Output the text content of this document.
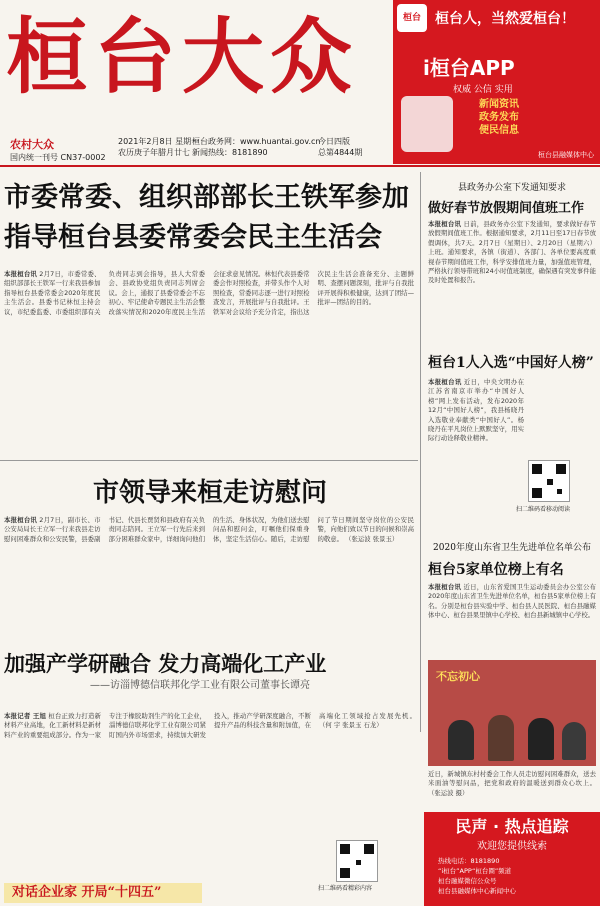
桓台大众
农村大众
国内统一刊号 CN37-0002
2021年2月8日 星期一
农历庚子年腊月廿七
桓台政务网：www.huantai.gov.cn
新闻热线：8181890
今日四版
总第4844期
桓台	桓台人，当然爱桓台！
i桓台APP
权威 公信 实用
新闻资讯
政务发布
便民信息
桓台县融媒体中心
市委常委、组织部部长王铁军参加
指导桓台县委常委会民主生活会
本报桓台讯 2月7日，市委常委、组织部部长王铁军一行来我县参加指导桓台县委常委会2020年度民主生活会。县委书记林恒主持会议，市纪委监委、市委组织部有关负责同志到会指导，县人大常委会、县政协党组负责同志列席会议。会上，通报了县委常委会不忘初心、牢记使命专题民主生活会整改落实情况和2020年度民主生活会征求意见情况。林恒代表县委常委会作对照检查，并带头作个人对照检查，常委同志逐一进行对照检查发言，开展批评与自我批评。王铁军对会议给予充分肯定，指出这次民主生活会准备充分、主题鲜明、查摆问题深刻，批评与自我批评开展得积极健康，达到了团结—批评—团结的目的。
县政务办公室下发通知要求
做好春节放假期间值班工作
本报桓台讯 日前，县政务办公室下发通知，要求做好春节放假期间值班工作。根据通知要求，2月11日至17日春节放假调休，共7天。2月7日（星期日）、2月20日（星期六）上班。通知要求，各镇（街道）、各部门、各单位要高度重视春节期间值班工作，科学安排值班力量，加强值班管理，严格执行领导带班和24小时值班制度，确保遇有突发事件能及时处置和报告。
桓台1人入选“中国好人榜”
本报桓台讯 近日，中央文明办在江苏省南京市举办“中国好人榜”网上发布活动，发布2020年12月“中国好人榜”，我县杨晓丹入选敬业奉献类“中国好人”。杨晓丹在平凡岗位上默默坚守，用实际行动诠释敬业精神。
扫二维码看移动阅读
2020年度山东省卫生先进单位名单公布
桓台5家单位榜上有名
本报桓台讯 近日，山东省爱国卫生运动委员会办公室公布2020年度山东省卫生先进单位名单，桓台县5家单位榜上有名。分别是桓台县实验中学、桓台县人民医院、桓台县融媒体中心、桓台县果里镇中心学校、桓台县新城镇中心学校。
不忘初心
近日，新城镇东村村委会工作人员走访慰问困难群众，送去米面油等慰问品，把党和政府的温暖送到群众心坎上。 （张运波 摄）
市领导来桓走访慰问
本报桓台讯 2月7日，副市长、市公安局局长王立军一行来我县走访慰问困难群众和公安民警，县委副书记、代县长贾贤和县政府有关负责同志陪同。王立军一行先后来到部分困难群众家中，详细询问他们的生活、身体状况，为他们送去慰问品和慰问金，叮嘱他们保重身体，坚定生活信心。随后，走访慰问了节日期间坚守岗位的公安民警，向他们致以节日的问候和崇高的敬意。 （张运波 张景玉）
加强产学研融合 发力高端化工产业
——访淄博德信联邦化学工业有限公司董事长谭亮
本报记者 王旭 桓台正致力打造新材料产业高地，化工新材料是新材料产业的重要组成部分。作为一家专注于橡胶助剂生产的化工企业，淄博德信联邦化学工业有限公司紧盯国内外市场需求，持续加大研发投入，推动产学研深度融合，不断提升产品的科技含量和附加值，在高端化工领域抢占发展先机。 （何 宇 张景玉 石龙）
扫二维码看精彩内容
对话企业家 开局“十四五”
民声 · 热点追踪
欢迎您提供线索
热线电话：8181890
“i桓台”APP“桓台圈”频道
桓台融媒微信公众号
桓台县融媒体中心新闻中心
